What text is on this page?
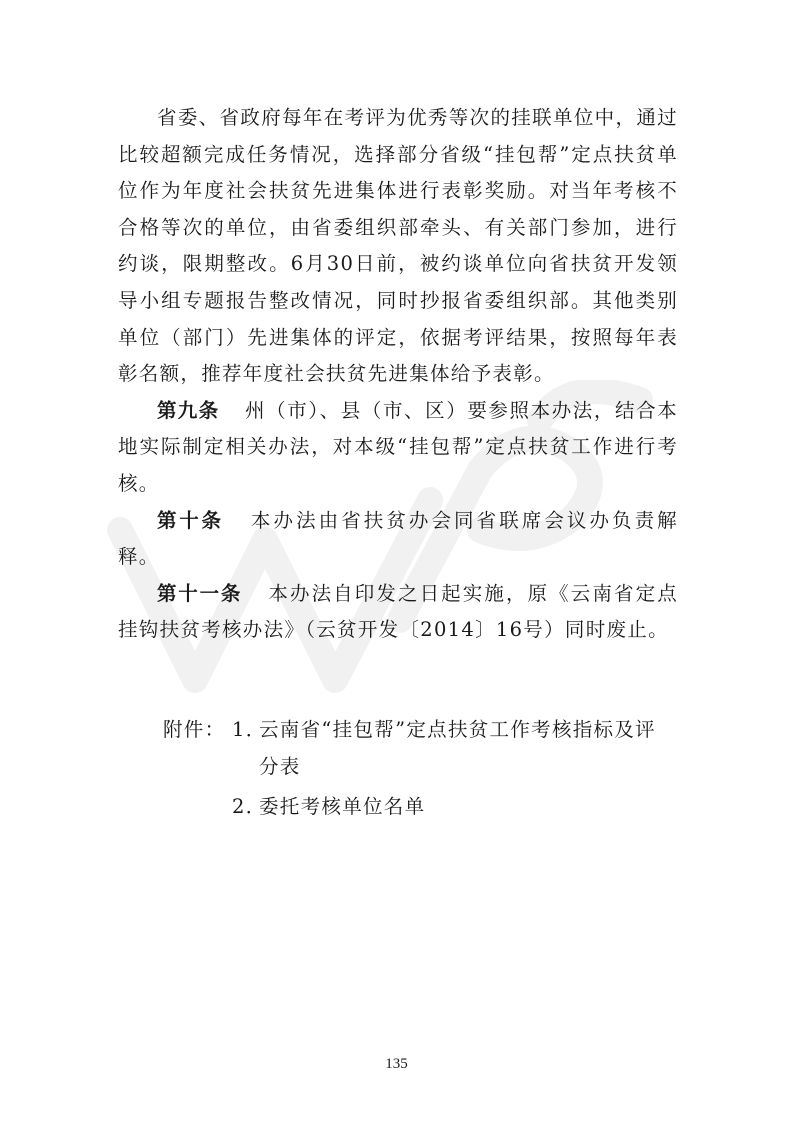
省委、省政府每年在考评为优秀等次的挂联单位中，通过比较超额完成任务情况，选择部分省级“挂包帮”定点扶贫单位作为年度社会扶贫先进集体进行表彰奖励。对当年考核不合格等次的单位，由省委组织部牵头、有关部门参加，进行约谈，限期整改。6月30日前，被约谈单位向省扶贫开发领导小组专题报告整改情况，同时抄报省委组织部。其他类别单位（部门）先进集体的评定，依据考评结果，按照每年表彰名额，推荐年度社会扶贫先进集体给予表彰。

第九条 州（市）、县（市、区）要参照本办法，结合本地实际制定相关办法，对本级“挂包帮”定点扶贫工作进行考核。

第十条 本办法由省扶贫办会同省联席会议办负责解释。

第十一条 本办法自印发之日起实施，原《云南省定点挂钩扶贫考核办法》（云贫开发〔2014〕16号）同时废止。

附件： 1．
云南省“挂包帮”定点扶贫工作考核指标及评
分表
2．
委托考核单位名单
135
